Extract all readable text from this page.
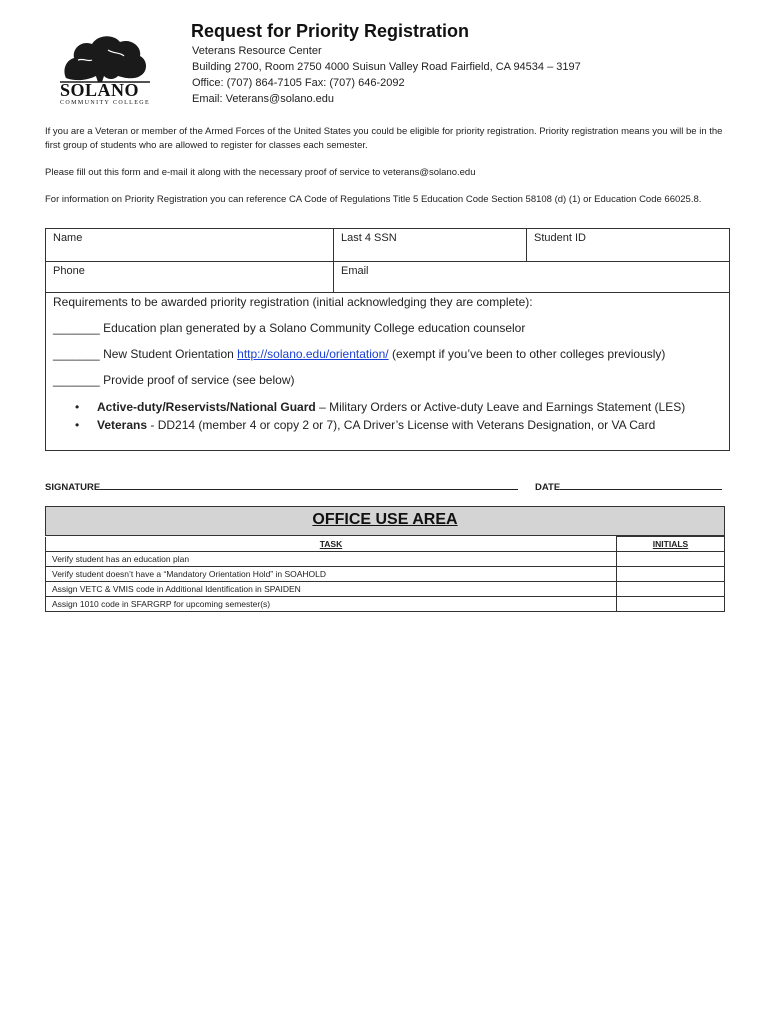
SOLANO
COMMUNITY COLLEGE
Request for Priority Registration
Veterans Resource Center
Building 2700, Room 2750 4000 Suisun Valley Road Fairfield, CA 94534 – 3197
Office: (707) 864-7105 Fax: (707) 646-2092
Email: Veterans@solano.edu
If you are a Veteran or member of the Armed Forces of the United States you could be eligible for priority registration. Priority registration means you will be in the first group of students who are allowed to register for classes each semester.
Please fill out this form and e-mail it along with the necessary proof of service to veterans@solano.edu
For information on Priority Registration you can reference CA Code of Regulations Title 5 Education Code Section 58108 (d) (1) or Education Code 66025.8.
Name	Last 4 SSN	Student ID
Phone	Email
Requirements to be awarded priority registration (initial acknowledging they are complete):
_______ Education plan generated by a Solano Community College education counselor
_______ New Student Orientation http://solano.edu/orientation/ (exempt if you’ve been to other colleges previously)
_______ Provide proof of service (see below)
• Active-duty/Reservists/National Guard – Military Orders or Active-duty Leave and Earnings Statement (LES)
• Veterans - DD214 (member 4 or copy 2 or 7), CA Driver’s License with Veterans Designation, or VA Card
SIGNATURE	DATE
OFFICE USE AREA
TASK	INITIALS
Verify student has an education plan	
Verify student doesn’t have a “Mandatory Orientation Hold” in SOAHOLD	
Assign VETC & VMIS code in Additional Identification in SPAIDEN	
Assign 1010 code in SFARGRP for upcoming semester(s)	
